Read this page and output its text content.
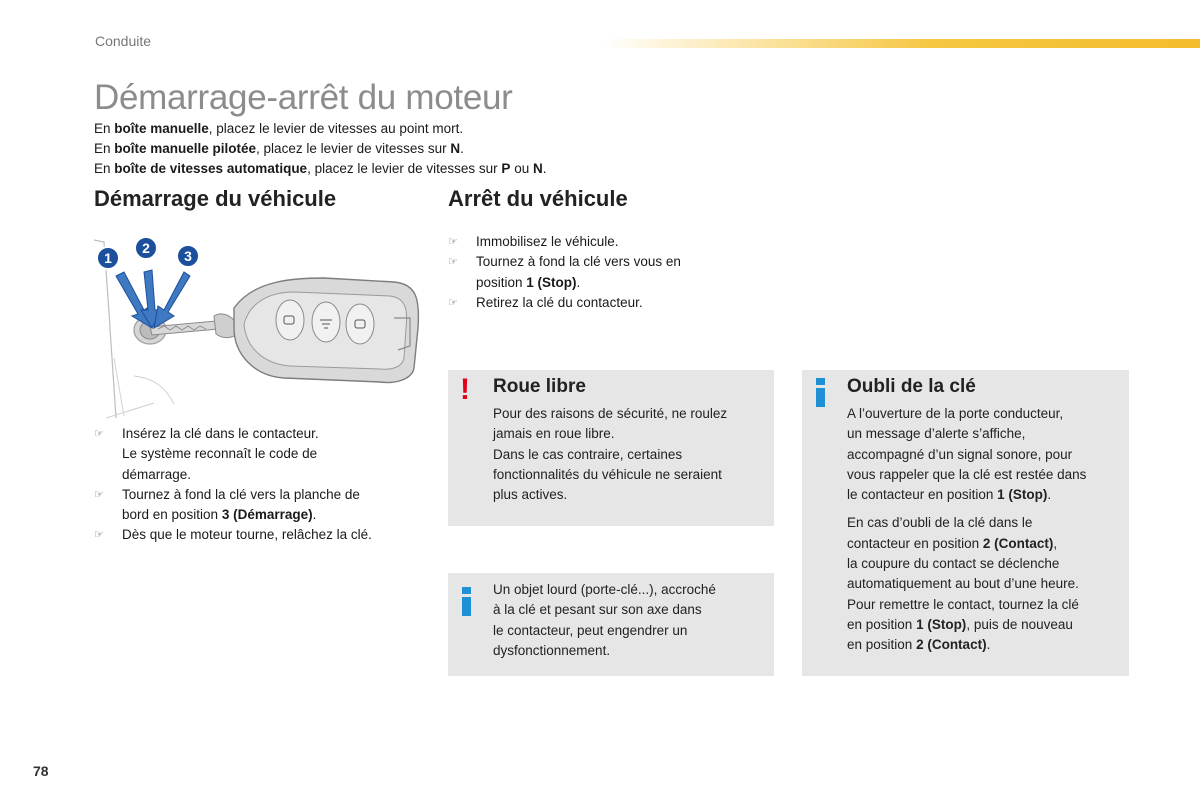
Conduite
Démarrage-arrêt du moteur

En boîte manuelle, placez le levier de vitesses au point mort.

En boîte manuelle pilotée, placez le levier de vitesses sur N.

En boîte de vitesses automatique, placez le levier de vitesses sur P ou N.

Démarrage du véhicule	Arrêt du véhicule
1
2 3
☞ Insérez la clé dans le contacteur.
Le système reconnaît le code de
démarrage.
☞ Tournez à fond la clé vers la planche de
bord en position 3 (Démarrage).
☞ Dès que le moteur tourne, relâchez la clé.
☞ Immobilisez le véhicule.
☞ Tournez à fond la clé vers vous en
position 1 (Stop).
☞ Retirez la clé du contacteur.
! Roue libre

Pour des raisons de sécurité, ne roulez

jamais en roue libre.

Dans le cas contraire, certaines

fonctionnalités du véhicule ne seraient

plus actives.

Un objet lourd (porte-clé...), accroché

à la clé et pesant sur son axe dans

le contacteur, peut engendrer un

dysfonctionnement.

Oubli de la clé

A l’ouverture de la porte conducteur,

un message d’alerte s’affiche,

accompagné d’un signal sonore, pour

vous rappeler que la clé est restée dans

le contacteur en position 1 (Stop).

En cas d’oubli de la clé dans le

contacteur en position 2 (Contact),

la coupure du contact se déclenche

automatiquement au bout d’une heure.

Pour remettre le contact, tournez la clé

en position 1 (Stop), puis de nouveau

en position 2 (Contact).

78
